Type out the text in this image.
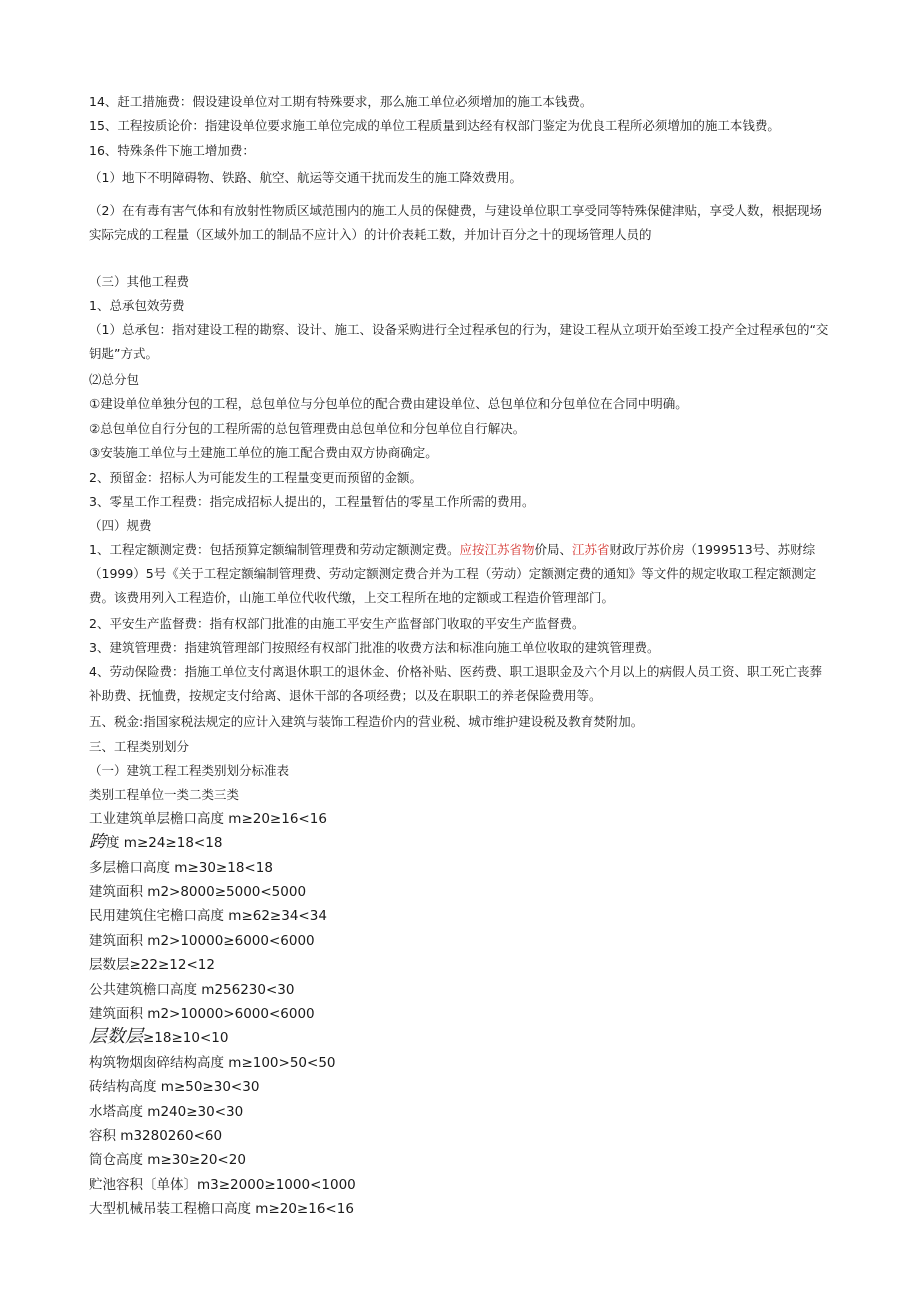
14、赶工措施费：假设建设单位对工期有特殊要求，那么施工单位必须增加的施工本钱费。
15、工程按质论价：指建设单位要求施工单位完成的单位工程质量到达经有权部门鉴定为优良工程所必须增加的施工本钱费。
16、特殊条件下施工增加费：
（1）地下不明障碍物、铁路、航空、航运等交通干扰而发生的施工降效费用。
（2）在有毒有害气体和有放射性物质区域范围内的施工人员的保健费，与建设单位职工享受同等特殊保健津贴，享受人数，根据现场实际完成的工程量（区域外加工的制品不应计入）的计价表耗工数，并加计百分之十的现场管理人员的
（三）其他工程费
1、总承包效劳费
（1）总承包：指对建设工程的勘察、设计、施工、设备采购进行全过程承包的行为，建设工程从立项开始至竣工投产全过程承包的“交钥匙”方式。
⑵总分包
①建设单位单独分包的工程，总包单位与分包单位的配合费由建设单位、总包单位和分包单位在合同中明确。
②总包单位自行分包的工程所需的总包管理费由总包单位和分包单位自行解决。
③安装施工单位与土建施工单位的施工配合费由双方协商确定。
2、预留金：招标人为可能发生的工程量变更而预留的金额。
3、零星工作工程费：指完成招标人提出的，工程量暂估的零星工作所需的费用。
（四）规费
1、工程定额测定费：包括预算定额编制管理费和劳动定额测定费。应按江苏省物价局、江苏省财政厅苏价房（1999513号、苏财综（1999）5号《关于工程定额编制管理费、劳动定额测定费合并为工程（劳动）定额测定费的通知》等文件的规定收取工程定额测定费。该费用列入工程造价，山施工单位代收代缴，上交工程所在地的定额或工程造价管理部门。
2、平安生产监督费：指有权部门批准的由施工平安生产监督部门收取的平安生产监督费。
3、建筑管理费：指建筑管理部门按照经有权部门批准的收费方法和标准向施工单位收取的建筑管理费。
4、劳动保险费：指施工单位支付离退休职工的退休金、价格补贴、医药费、职工退职金及六个月以上的病假人员工资、职工死亡丧葬补助费、抚恤费，按规定支付给离、退休干部的各项经费；以及在职职工的养老保险费用等。
五、税金:指国家税法规定的应计入建筑与装饰工程造价内的营业税、城市维护建设税及教育焚附加。
三、工程类别划分
（一）建筑工程工程类别划分标准表
类别工程单位一类二类三类
工业建筑单层檐口高度 m≥20≥16<16
跨度 m≥24≥18<18
多层檐口高度 m≥30≥18<18
建筑面积 m2>8000≥5000<5000
民用建筑住宅檐口高度 m≥62≥34<34
建筑面积 m2>10000≥6000<6000
层数层≥22≥12<12
公共建筑檐口高度 m256230<30
建筑面积 m2>10000>6000<6000
层数层≥18≥10<10
构筑物烟囱碎结构高度 m≥100>50<50
砖结构高度 m≥50≥30<30
水塔高度 m240≥30<30
容积 m3280260<60
筒仓高度 m≥30≥20<20
贮池容积〔单体〕m3≥2000≥1000<1000
大型机械吊装工程檐口高度 m≥20≥16<16
